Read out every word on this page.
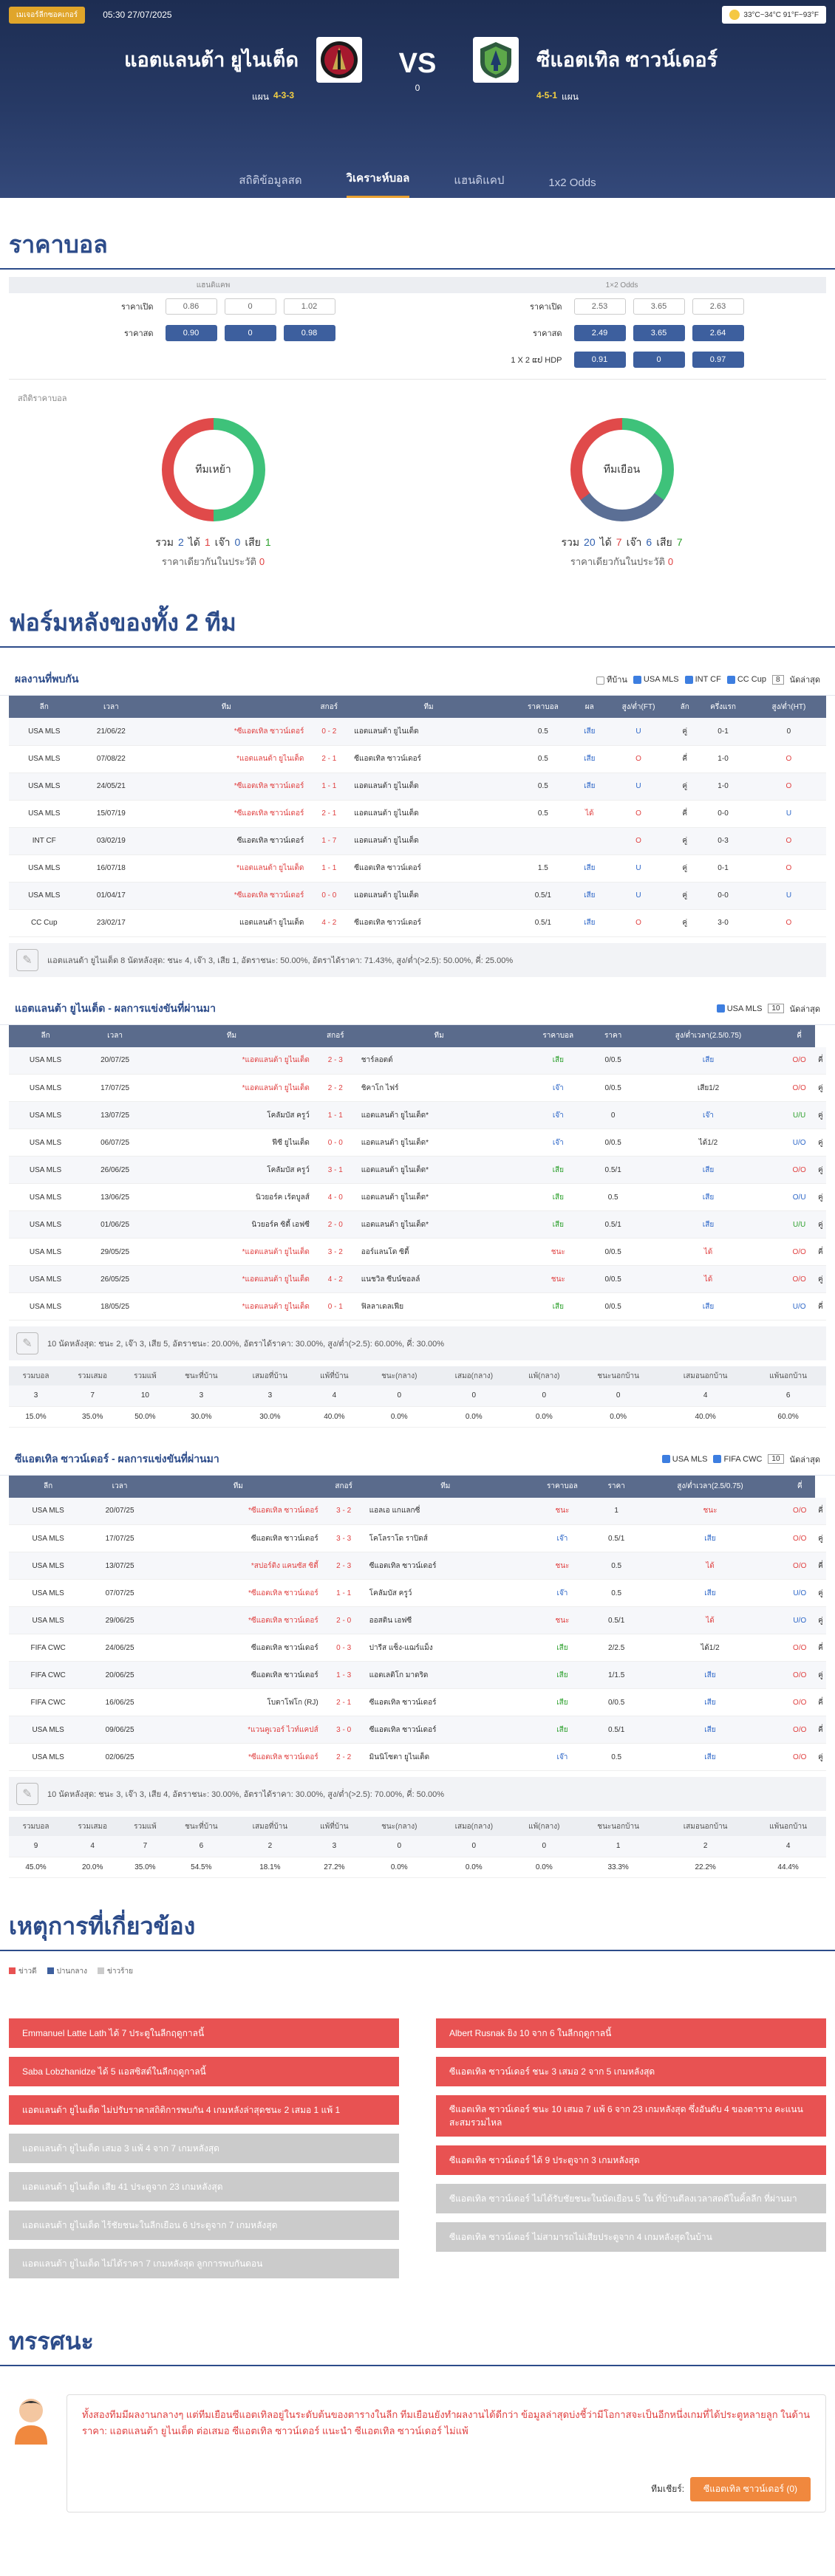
เมเจอร์ลีกซอคเกอร์	05:30 27/07/2025	33°C~34°C 91°F~93°F
แอตแลนต้า ยูไนเต็ด
แผน 4-3-3
VS
0
ซีแอตเทิล ซาวน์เดอร์
4-5-1 แผน
สถิติข้อมูลสด	วิเคราะห์บอล	แฮนดิแคป	1x2 Odds
ราคาบอล
แฮนดิแคพ	1×2 Odds
ราคาเปิด	0.86	0	1.02
ราคาสด	0.90	0	0.98
ราคาเปิด	2.53	3.65	2.63
ราคาสด	2.49	3.65	2.64
1 X 2 ແປ HDP	0.91	0	0.97
สถิติราคาบอล
ทีมเหย้า
รวม 2 ได้ 1 เจ๊า 0 เสีย 1
ราคาเดียวกันในประวัติ 0
ทีมเยือน
รวม 20 ได้ 7 เจ๊า 6 เสีย 7
ราคาเดียวกันในประวัติ 0
ฟอร์มหลังของทั้ง 2 ทีม
ผลงานที่พบกัน	ทีบ้าน	USA MLS	INT CF	CC Cup	8	นัดล่าสุด
ลีก	เวลา	ทีม	สกอร์	ทีม	ราคาบอล	ผล	สูง/ต่ำ(FT)	ลัก	ครึ่งแรก	สูง/ต่ำ(HT)
USA MLS	21/06/22	*ซีแอตเทิล ซาวน์เดอร์	0 - 2	แอตแลนต้า ยูไนเต็ด	0.5	เสีย	U	คู่	0-1	0
USA MLS	07/08/22	*แอตแลนต้า ยูไนเต็ด	2 - 1	ซีแอตเทิล ซาวน์เดอร์	0.5	เสีย	O	คี่	1-0	O
USA MLS	24/05/21	*ซีแอตเทิล ซาวน์เดอร์	1 - 1	แอตแลนต้า ยูไนเต็ด	0.5	เสีย	U	คู่	1-0	O
USA MLS	15/07/19	*ซีแอตเทิล ซาวน์เดอร์	2 - 1	แอตแลนต้า ยูไนเต็ด	0.5	ได้	O	คี่	0-0	U
INT CF	03/02/19	ซีแอตเทิล ซาวน์เดอร์	1 - 7	แอตแลนต้า ยูไนเต็ด			O	คู่	0-3	O
USA MLS	16/07/18	*แอตแลนต้า ยูไนเต็ด	1 - 1	ซีแอตเทิล ซาวน์เดอร์	1.5	เสีย	U	คู่	0-1	O
USA MLS	01/04/17	*ซีแอตเทิล ซาวน์เดอร์	0 - 0	แอตแลนต้า ยูไนเต็ด	0.5/1	เสีย	U	คู่	0-0	U
CC Cup	23/02/17	แอตแลนต้า ยูไนเต็ด	4 - 2	ซีแอตเทิล ซาวน์เดอร์	0.5/1	เสีย	O	คู่	3-0	O
✎	แอตแลนต้า ยูไนเต็ด 8 นัดหลังสุด: ชนะ 4, เจ๊า 3, เสีย 1, อัตราชนะ: 50.00%, อัตราได้ราคา: 71.43%, สูง/ต่ำ(>2.5): 50.00%, คี่: 25.00%
แอตแลนต้า ยูไนเต็ด - ผลการแข่งขันที่ผ่านมา	USA MLS	10	นัดล่าสุด
ลีก	เวลา	ทีม	สกอร์	ทีม	ราคาบอล	ราคา	สูง/ต่ำเวลา(2.5/0.75)	คี่	
USA MLS	20/07/25	*แอตแลนต้า ยูไนเต็ด	2 - 3	ชาร์ลอตต์	เสีย	0/0.5	เสีย	O/O	คี่
USA MLS	17/07/25	*แอตแลนต้า ยูไนเต็ด	2 - 2	ชิคาโก ไฟร์	เจ๊า	0/0.5	เสีย1/2	O/O	คู่
USA MLS	13/07/25	โคลัมบัส ครูว์	1 - 1	แอตแลนต้า ยูไนเต็ด*	เจ๊า	0	เจ๊า	U/U	คู่
USA MLS	06/07/25	ฟีซี ยูไนเต็ด	0 - 0	แอตแลนต้า ยูไนเต็ด*	เจ๊า	0/0.5	ได้1/2	U/O	คู่
USA MLS	26/06/25	โคลัมบัส ครูว์	3 - 1	แอตแลนต้า ยูไนเต็ด*	เสีย	0.5/1	เสีย	O/O	คู่
USA MLS	13/06/25	นิวยอร์ค เร้ดบูลส์	4 - 0	แอตแลนต้า ยูไนเต็ด*	เสีย	0.5	เสีย	O/U	คู่
USA MLS	01/06/25	นิวยอร์ค ซิตี้ เอฟซี	2 - 0	แอตแลนต้า ยูไนเต็ด*	เสีย	0.5/1	เสีย	U/U	คู่
USA MLS	29/05/25	*แอตแลนต้า ยูไนเต็ด	3 - 2	ออร์แลนโด ซิตี้	ชนะ	0/0.5	ได้	O/O	คี่
USA MLS	26/05/25	*แอตแลนต้า ยูไนเต็ด	4 - 2	แนชวิล ซีบน์ซอลล์	ชนะ	0/0.5	ได้	O/O	คู่
USA MLS	18/05/25	*แอตแลนต้า ยูไนเต็ด	0 - 1	ฟิลลาเดลเฟีย	เสีย	0/0.5	เสีย	U/O	คี่
✎	10 นัดหลังสุด: ชนะ 2, เจ๊า 3, เสีย 5, อัตราชนะ: 20.00%, อัตราได้ราคา: 30.00%, สูง/ต่ำ(>2.5): 60.00%, คี่: 30.00%
รวมบอล	รวมเสมอ	รวมแพ้	ชนะที่บ้าน	เสมอที่บ้าน	แพ้ที่บ้าน	ชนะ(กลาง)	เสมอ(กลาง)	แพ้(กลาง)	ชนะนอกบ้าน	เสมอนอกบ้าน	แพ้นอกบ้าน
3	7	10	3	3	4	0	0	0	0	4	6
15.0%	35.0%	50.0%	30.0%	30.0%	40.0%	0.0%	0.0%	0.0%	0.0%	40.0%	60.0%
ซีแอตเทิล ซาวน์เดอร์ - ผลการแข่งขันที่ผ่านมา	USA MLS	FIFA CWC	10	นัดล่าสุด
ลีก	เวลา	ทีม	สกอร์	ทีม	ราคาบอล	ราคา	สูง/ต่ำเวลา(2.5/0.75)	คี่	
USA MLS	20/07/25	*ซีแอตเทิล ซาวน์เดอร์	3 - 2	แอลเอ แกแลกซี่	ชนะ	1	ชนะ	O/O	คี่
USA MLS	17/07/25	ซีแอตเทิล ซาวน์เดอร์	3 - 3	โคโลราโด ราปิดส์	เจ๊า	0.5/1	เสีย	O/O	คู่
USA MLS	13/07/25	*สปอร์ติง แคนซัส ซิตี้	2 - 3	ซีแอตเทิล ซาวน์เดอร์	ชนะ	0.5	ได้	O/O	คี่
USA MLS	07/07/25	*ซีแอตเทิล ซาวน์เดอร์	1 - 1	โคลัมบัส ครูว์	เจ๊า	0.5	เสีย	U/O	คู่
USA MLS	29/06/25	*ซีแอตเทิล ซาวน์เดอร์	2 - 0	ออสติน เอฟซี	ชนะ	0.5/1	ได้	U/O	คู่
FIFA CWC	24/06/25	ซีแอตเทิล ซาวน์เดอร์	0 - 3	ปารีส แซ็ง-แฌร์แม็ง	เสีย	2/2.5	ได้1/2	O/O	คี่
FIFA CWC	20/06/25	ซีแอตเทิล ซาวน์เดอร์	1 - 3	แอตเลติโก มาดริด	เสีย	1/1.5	เสีย	O/O	คู่
FIFA CWC	16/06/25	โบตาโฟโก (RJ)	2 - 1	ซีแอตเทิล ซาวน์เดอร์	เสีย	0/0.5	เสีย	O/O	คี่
USA MLS	09/06/25	*แวนคูเวอร์ ไวท์แคปส์	3 - 0	ซีแอตเทิล ซาวน์เดอร์	เสีย	0.5/1	เสีย	O/O	คี่
USA MLS	02/06/25	*ซีแอตเทิล ซาวน์เดอร์	2 - 2	มินนิโซตา ยูไนเต็ด	เจ๊า	0.5	เสีย	O/O	คู่
✎	10 นัดหลังสุด: ชนะ 3, เจ๊า 3, เสีย 4, อัตราชนะ: 30.00%, อัตราได้ราคา: 30.00%, สูง/ต่ำ(>2.5): 70.00%, คี่: 50.00%
รวมบอล	รวมเสมอ	รวมแพ้	ชนะที่บ้าน	เสมอที่บ้าน	แพ้ที่บ้าน	ชนะ(กลาง)	เสมอ(กลาง)	แพ้(กลาง)	ชนะนอกบ้าน	เสมอนอกบ้าน	แพ้นอกบ้าน
9	4	7	6	2	3	0	0	0	1	2	4
45.0%	20.0%	35.0%	54.5%	18.1%	27.2%	0.0%	0.0%	0.0%	33.3%	22.2%	44.4%
เหตุการที่เกี่ยวข้อง
ข่าวดี	ปานกลาง	ข่าวร้าย
Emmanuel Latte Lath ได้ 7 ประตูในลีกฤดูกาลนี้
Saba Lobzhanidze ได้ 5 แอสซิสต์ในลีกฤดูกาลนี้
แอตแลนต้า ยูไนเต็ด ไม่ปรับราคาสถิติการพบกัน 4 เกมหลังล่าสุดชนะ 2 เสมอ 1 แพ้ 1
แอตแลนต้า ยูไนเต็ด เสมอ 3 แพ้ 4 จาก 7 เกมหลังสุด
แอตแลนต้า ยูไนเต็ด เสีย 41 ประตูจาก 23 เกมหลังสุด
แอตแลนต้า ยูไนเต็ด ไร้ชัยชนะในลีกเยือน 6 ประตูจาก 7 เกมหลังสุด
แอตแลนต้า ยูไนเต็ด ไม่ได้ราคา 7 เกมหลังสุด ลูกการพบกันดอน
Albert Rusnak ยิง 10 จาก 6 ในลีกฤดูกาลนี้
ซีแอตเทิล ซาวน์เดอร์ ชนะ 3 เสมอ 2 จาก 5 เกมหลังสุด
ซีแอตเทิล ซาวน์เดอร์ ชนะ 10 เสมอ 7 แพ้ 6 จาก 23 เกมหลังสุด ซึ่งอันดับ 4 ของตาราง คะแนนสะสมรวมไหล
ซีแอตเทิล ซาวน์เดอร์ ได้ 9 ประตูจาก 3 เกมหลังสุด
ซีแอตเทิล ซาวน์เดอร์ ไม่ได้รับชัยชนะในนัดเยือน 5 ใน ที่บ้านตีลงเวลาสดดีในคิ้ลลีก ที่ผ่านมา
ซีแอตเทิล ซาวน์เดอร์ ไม่สามารถไม่เสียประตูจาก 4 เกมหลังสุดในบ้าน
ทรรศนะ
ทั้งสองทีมมีผลงานกลางๆ แต่ทีมเยือนซีแอตเทิลอยู่ในระดับต้นของตารางในลีก ทีมเยือนยังทำผลงานได้ดีกว่า ข้อมูลล่าสุดบ่งชี้ว่ามีโอกาสจะเป็นอีกหนึ่งเกมที่ได้ประตูหลายลูก ในด้านราคา: แอตแลนต้า ยูไนเต็ด ต่อเสมอ ซีแอตเทิล ซาวน์เดอร์ แนะนำ ซีแอตเทิล ซาวน์เดอร์ ไม่แพ้
ทีมเชียร์:	ซีแอตเทิล ซาวน์เดอร์ (0)
